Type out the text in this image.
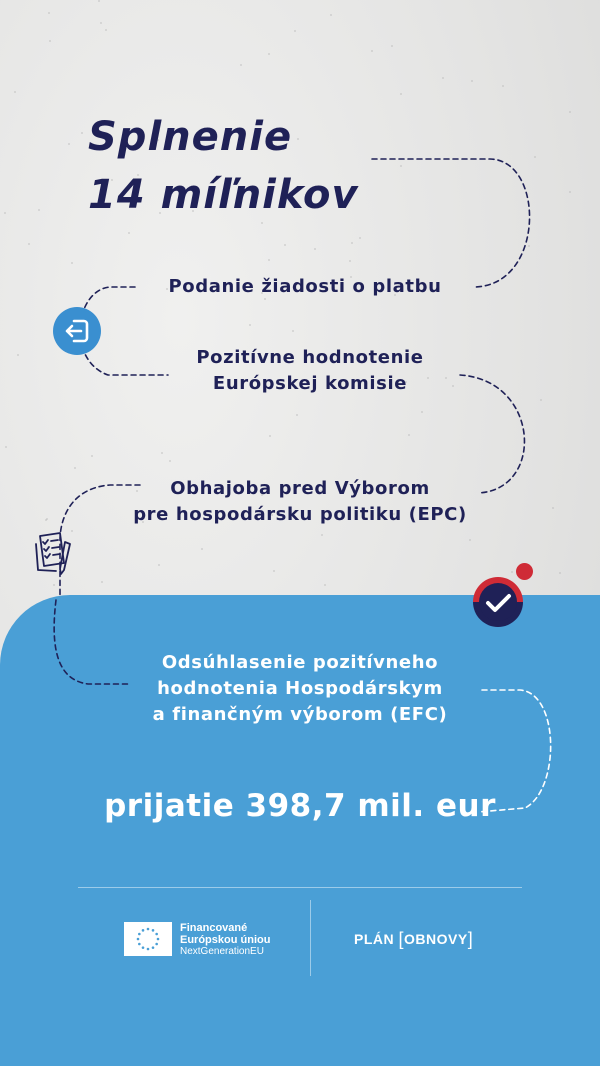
Splnenie
14 míľnikov

Podanie žiadosti o platbu

Pozitívne hodnotenie
Európskej komisie

Obhajoba pred Výborom
pre hospodársku politiku (EPC)

Odsúhlasenie pozitívneho
hodnotenia Hospodárskym
a finančným výborom (EFC)

prijatie 398,7 mil. eur

Financované
Európskou úniou
NextGenerationEU
PLÁN [OBNOVY]
